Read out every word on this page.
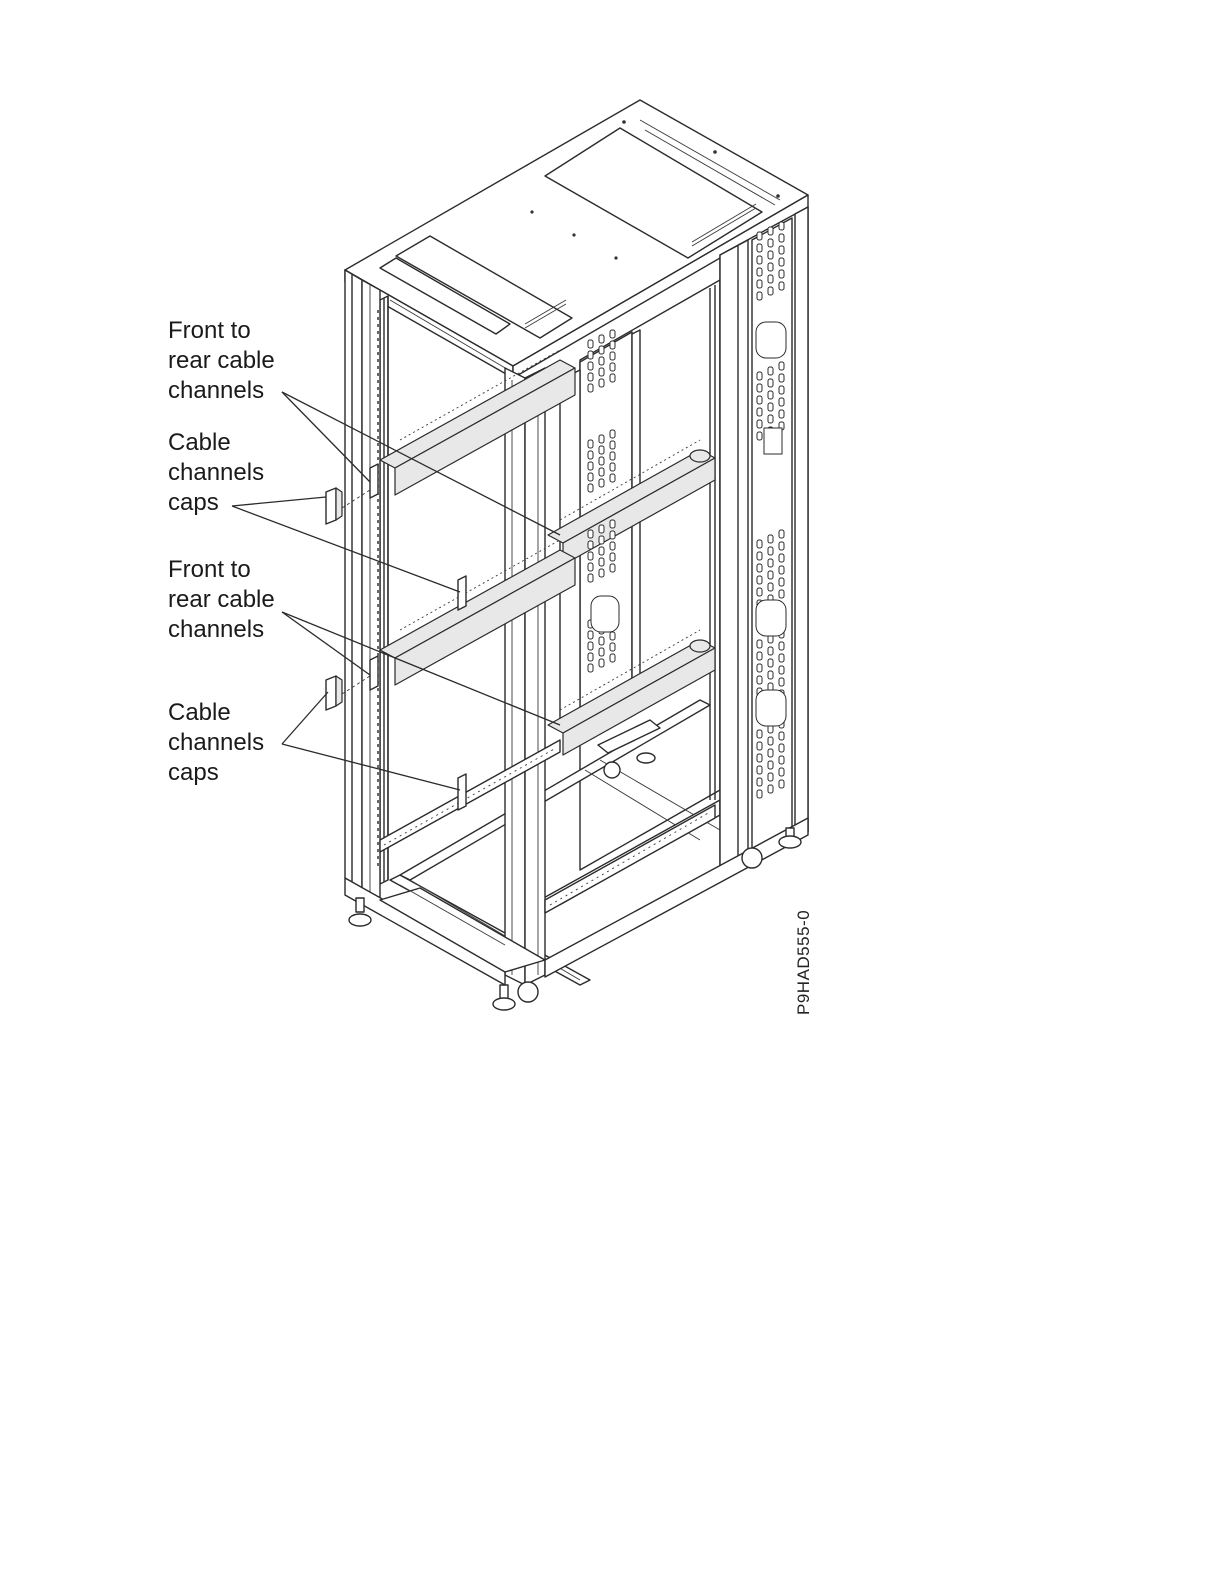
Front to
rear cable
channels
Cable
channels
caps
Front to
rear cable
channels
Cable
channels
caps
P9HAD555-0
